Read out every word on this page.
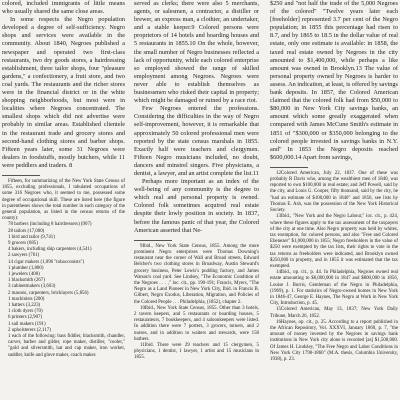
colored, included immigrants of little means who usually shared the same close areas.

In some respects the Negro population developed a degree of self-sufficiency. Negro shops and services were available in the community. About 1840, Negroes published a newspaper and operated two first-class restaurants, two dry goods stores, a hairdressing establishment, three tailor shops, four "pleasure gardens," a confectionery, a fruit store, and two coal yards. The restaurants and the richer stores were in the financial district or in the white shopping neighborhoods, but most were in localities where Negroes concentrated. The smallest shops which did not advertise were probably in similar areas. Established clientele in the restaurant trade and grocery stores and second-hand clothing stores and barber shops. Fifteen years later, some 31 Negroes were dealers in foodstuffs, mostly butchers, while 11 were peddlers and traders. 8

Fifteen, for summarizing of the New York State Census of 1855, excluding professionals, I tabulated occupations of some 316 Negroes who, it seemed to me, possessed some degree of occupational skill. These are listed here (the figure in parentheses shows the total number in each category of the general population, as listed in the census returns of the county):

78 barbers (including 8 hairdressers) (907)

28 tailors (17,000)

1 bird and tailor (9,741)

9 grocers (685)

4 bakers, including ship carpenters (4,541)

2 sawyers (761)

14 cigar makers (1,096 "tobacconists")

1 plumber (1,800)

1 jewelers (400)

1 blacksmith (267)

3 cabinetmakers (3,603)

2 masons, carpenters, bricklayers (5,856)

1 machinists (200)

1 hatters (3,223)

1 cloth dyers (70)

6 printers (2,907)

1 sail makers (191)

2 upholsterers (2,117)

1 each of the following: bass fiddler, blacksmith, chandler, carver, barber and gilder, rope maker, distiller, "cooler," "gold and silversmith, hat and cap maker, iron worker, saddler, knife and glove maker, coach maker.

served as clerks; there were also 5 merchants, agents, or salesmen, a contractor, a distiller or brewer, an express man, a clothier, an undertaker, and a stable keeper.9 Colored persons were proprietors of 14 hotels and boarding houses and 5 restaurants in 1855.10 On the whole, however, the small number of Negro businesses reflected a lack of opportunity, while each colored enterprise so employed showed the range of skilled employment among Negroes. Negroes were never able to establish themselves as businessmen who risked their capital in property; which might be damaged or ruined by a race riot.

Few Negroes entered the professions. Considering the difficulties in the way of Negro self-improvement, however, it is remarkable that approximately 50 colored professional men were reported by the state census marshals in 1855. Exactly half were teachers and clergymen. Fifteen Negro musicians included, no doubt, dancers and minstrel singers. Five physicians, a dentist, a lawyer, and an artist complete the list.11

Perhaps more important as an index of the well-being of any community is the degree to which real and personal property is owned. Colored folk sometimes acquired real estate despite their lowly position in society. In 1837, before the famous panic of that year, the Colored American asserted that Ne-

9Ibid., New York State Census, 1855. Among the more prominent Negro enterprises were Thomas Downing's restaurant near the corner of Wall and Broad streets, Edward Belcher's two clothing stores in Broadway, Austin Steward's grocery business, Peter Lewis's pudding factory, and James Watson's coal yard. See Lindsey, "The Economic Condition of the Negroes . . . ," loc. cit., pp. 190-191; Francis, Myers, "The Negro as a Land Pioneer in New York City, Ibid. in Francis B. Gilbert, Negro Exodus, Liberation, Migration, and Policies of the Colored People . . . Philadelphia, (1852), chapter 2.

10Ibid., New York State Census, 1855. Other than 3 hotels, 2 tavern keepers, and 5 restaurants or boarding houses, 5 restaurateurs, 7 bookkeepers, and 4 saloonkeepers were listed. In addition there were 7 porters, 3 grocers, turners, and 2 nurses, and in addition to waiters and stewards, were 158 barbers.

11Ibid. There were 29 teachers and 15 clergymen, 5 physicians, 1 dentist, 1 lawyer, 1 artist and 15 musicians in 1855.

$250 and "not half the trade of the 5,000 Negroes of the colored" "Twelve years later each [freeholder] represented 3.7 per cent of the Negro population; in 1855 this percentage had risen to 8.7, and by 1865 to 18.5 in the dollar value of real estate, only one estimate is available: in 1858, the taxed real estate owned by Negroes in the city amounted to $1,400,000, while perhaps a like amount was owned in Brooklyn.13 The value of personal property owned by Negroes is harder to assess. An indication, at least, is offered by savings bank deposits. In 1857, the Colored American claimed that the colored folk had from $50,000 to $80,000 in New York City savings banks, an amount which some greatly exaggerated when compared with James McCune Smith's estimate in 1851 of "$300,000 or $350,000 belonging to the colored people invested in savings banks in N.Y. and" In 1853 the Negro deposits reached $600,000.14 Apart from savings,

12Colored American, July 22, 1837. One of these was probably R Davis who, among the wealthiest men of 1840, was reported to own $100,000 in real estate; and Jeff Powell, said by the city, and Louis G. Cooper, fifty thousand, said by the city, he "had an estimate of $100,000 in 1840" and 1856, see lists by Thomas E. Ash, was the possession of the New York Historical Society.

13Ibid., "New York and the Negro Labour," loc. cit., p. 424, where these figures apply to the tax assessment of the taxpayers of the city at one time. Also Negro property was held by whites, tax exemption, for colored persons, and also "Free and Colored Ebenezer" $1,000,000 in 1855; Negro freeholders in the value of $250 were exempted by the tax lists, their rights to vote in the tax returns as freeholders were indicated, and Brooklyn owned $250,000 in property, and in 1855 it was estimated that the tax exempted.

14Ibid., op. cit., p. 44. In Philadelphia, Negroes owned real estate amounting to $6,000,000 in 1847 and $800,000 in 1856, Louise J. Burris, Gentleman of the Negro in Philadelphia, (1969), p. 1. For statistics of Negro-owned homes in New York in 1846-47, George E. Haynes, The Negro at Work in New York City, Introduction, p. 45.

15Colored American, May 13, 1837; New York Daily Tribune, March 26, 1852.

16Haynes, op. cit., p. 25. According to a report published in the African Repository, Vol. XXXVI, January 1860, p. 7, "the amount of money invested by the Negroes in savings bank institutions in New York city alone is recorded [as] $1,500,000. Of James H. Lindsley, "The Free Negro and Labor Conditions in New York City 1790-1860" (M.A. thesis, Columbia University, 1938), p. 23.
